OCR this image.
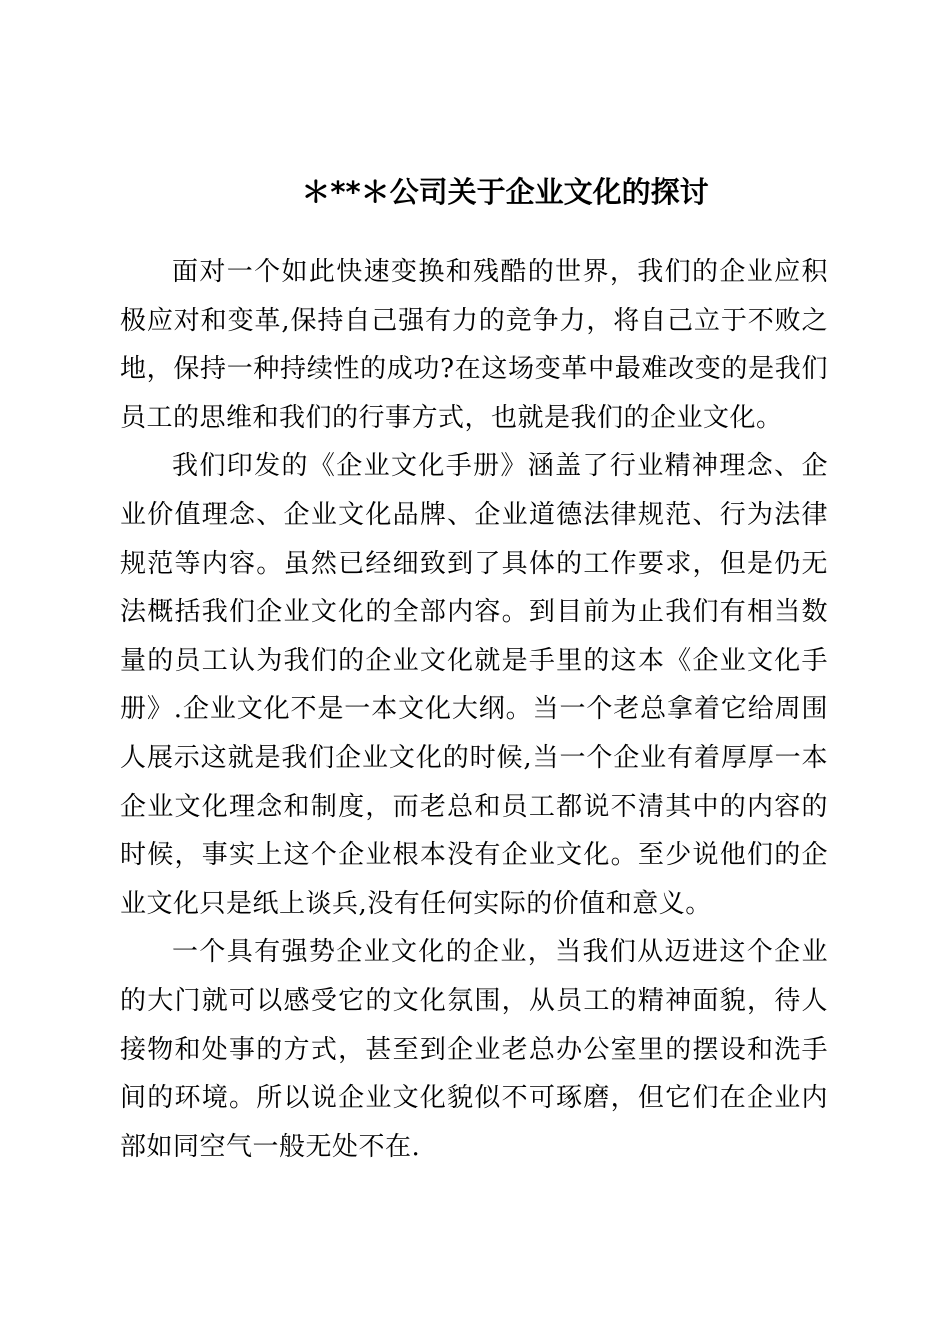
＊**＊公司关于企业文化的探讨

面对一个如此快速变换和残酷的世界，我们的企业应积极应对和变革,保持自己强有力的竞争力，将自己立于不败之地，保持一种持续性的成功?在这场变革中最难改变的是我们员工的思维和我们的行事方式，也就是我们的企业文化。

我们印发的《企业文化手册》涵盖了行业精神理念、企业价值理念、企业文化品牌、企业道德法律规范、行为法律规范等内容。虽然已经细致到了具体的工作要求，但是仍无法概括我们企业文化的全部内容。到目前为止我们有相当数量的员工认为我们的企业文化就是手里的这本《企业文化手册》.企业文化不是一本文化大纲。当一个老总拿着它给周围人展示这就是我们企业文化的时候,当一个企业有着厚厚一本企业文化理念和制度，而老总和员工都说不清其中的内容的时候，事实上这个企业根本没有企业文化。至少说他们的企业文化只是纸上谈兵,没有任何实际的价值和意义。

一个具有强势企业文化的企业，当我们从迈进这个企业的大门就可以感受它的文化氛围，从员工的精神面貌，待人接物和处事的方式，甚至到企业老总办公室里的摆设和洗手间的环境。所以说企业文化貌似不可琢磨，但它们在企业内部如同空气一般无处不在.
